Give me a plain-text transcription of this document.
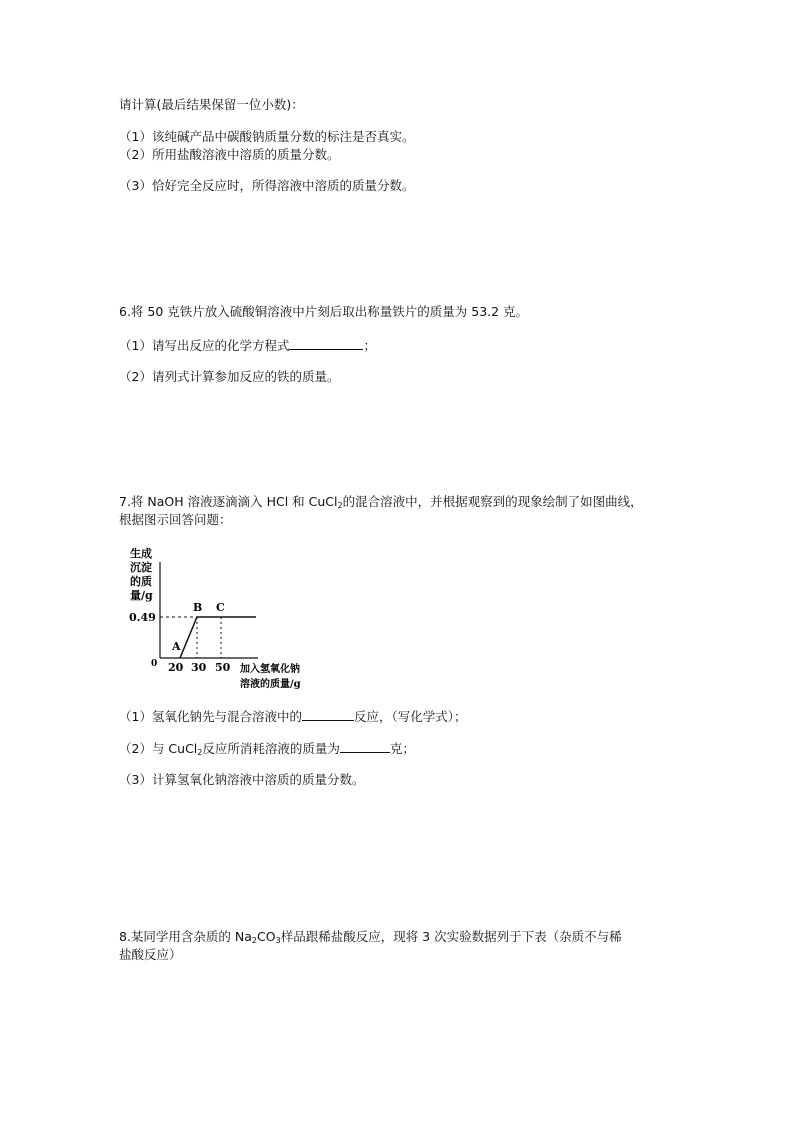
请计算(最后结果保留一位小数)：
（1）该纯碱产品中碳酸钠质量分数的标注是否真实。
（2）所用盐酸溶液中溶质的质量分数。
（3）恰好完全反应时，所得溶液中溶质的质量分数。
6.将 50 克铁片放入硫酸铜溶液中片刻后取出称量铁片的质量为 53.2 克。
（1）请写出反应的化学方程式	；
（2）请列式计算参加反应的铁的质量。
7.将 NaOH 溶液逐滴滴入 HCl 和 CuCl$_2$的混合溶液中，并根据观察到的现象绘制了如图曲线，
根据图示回答问题：
生成
沉淀
的质
量/g
0.49
0
A
B C
20 30 50 加入氢氧化钠
溶液的质量/g
（1）氢氧化钠先与混合溶液中的	反应，（写化学式）；
（2）与 CuCl$_2$反应所消耗溶液的质量为	克；
（3）计算氢氧化钠溶液中溶质的质量分数。
8.某同学用含杂质的 $Na_2CO_3$样品跟稀盐酸反应，现将 3 次实验数据列于下表（杂质不与稀
盐酸反应）
